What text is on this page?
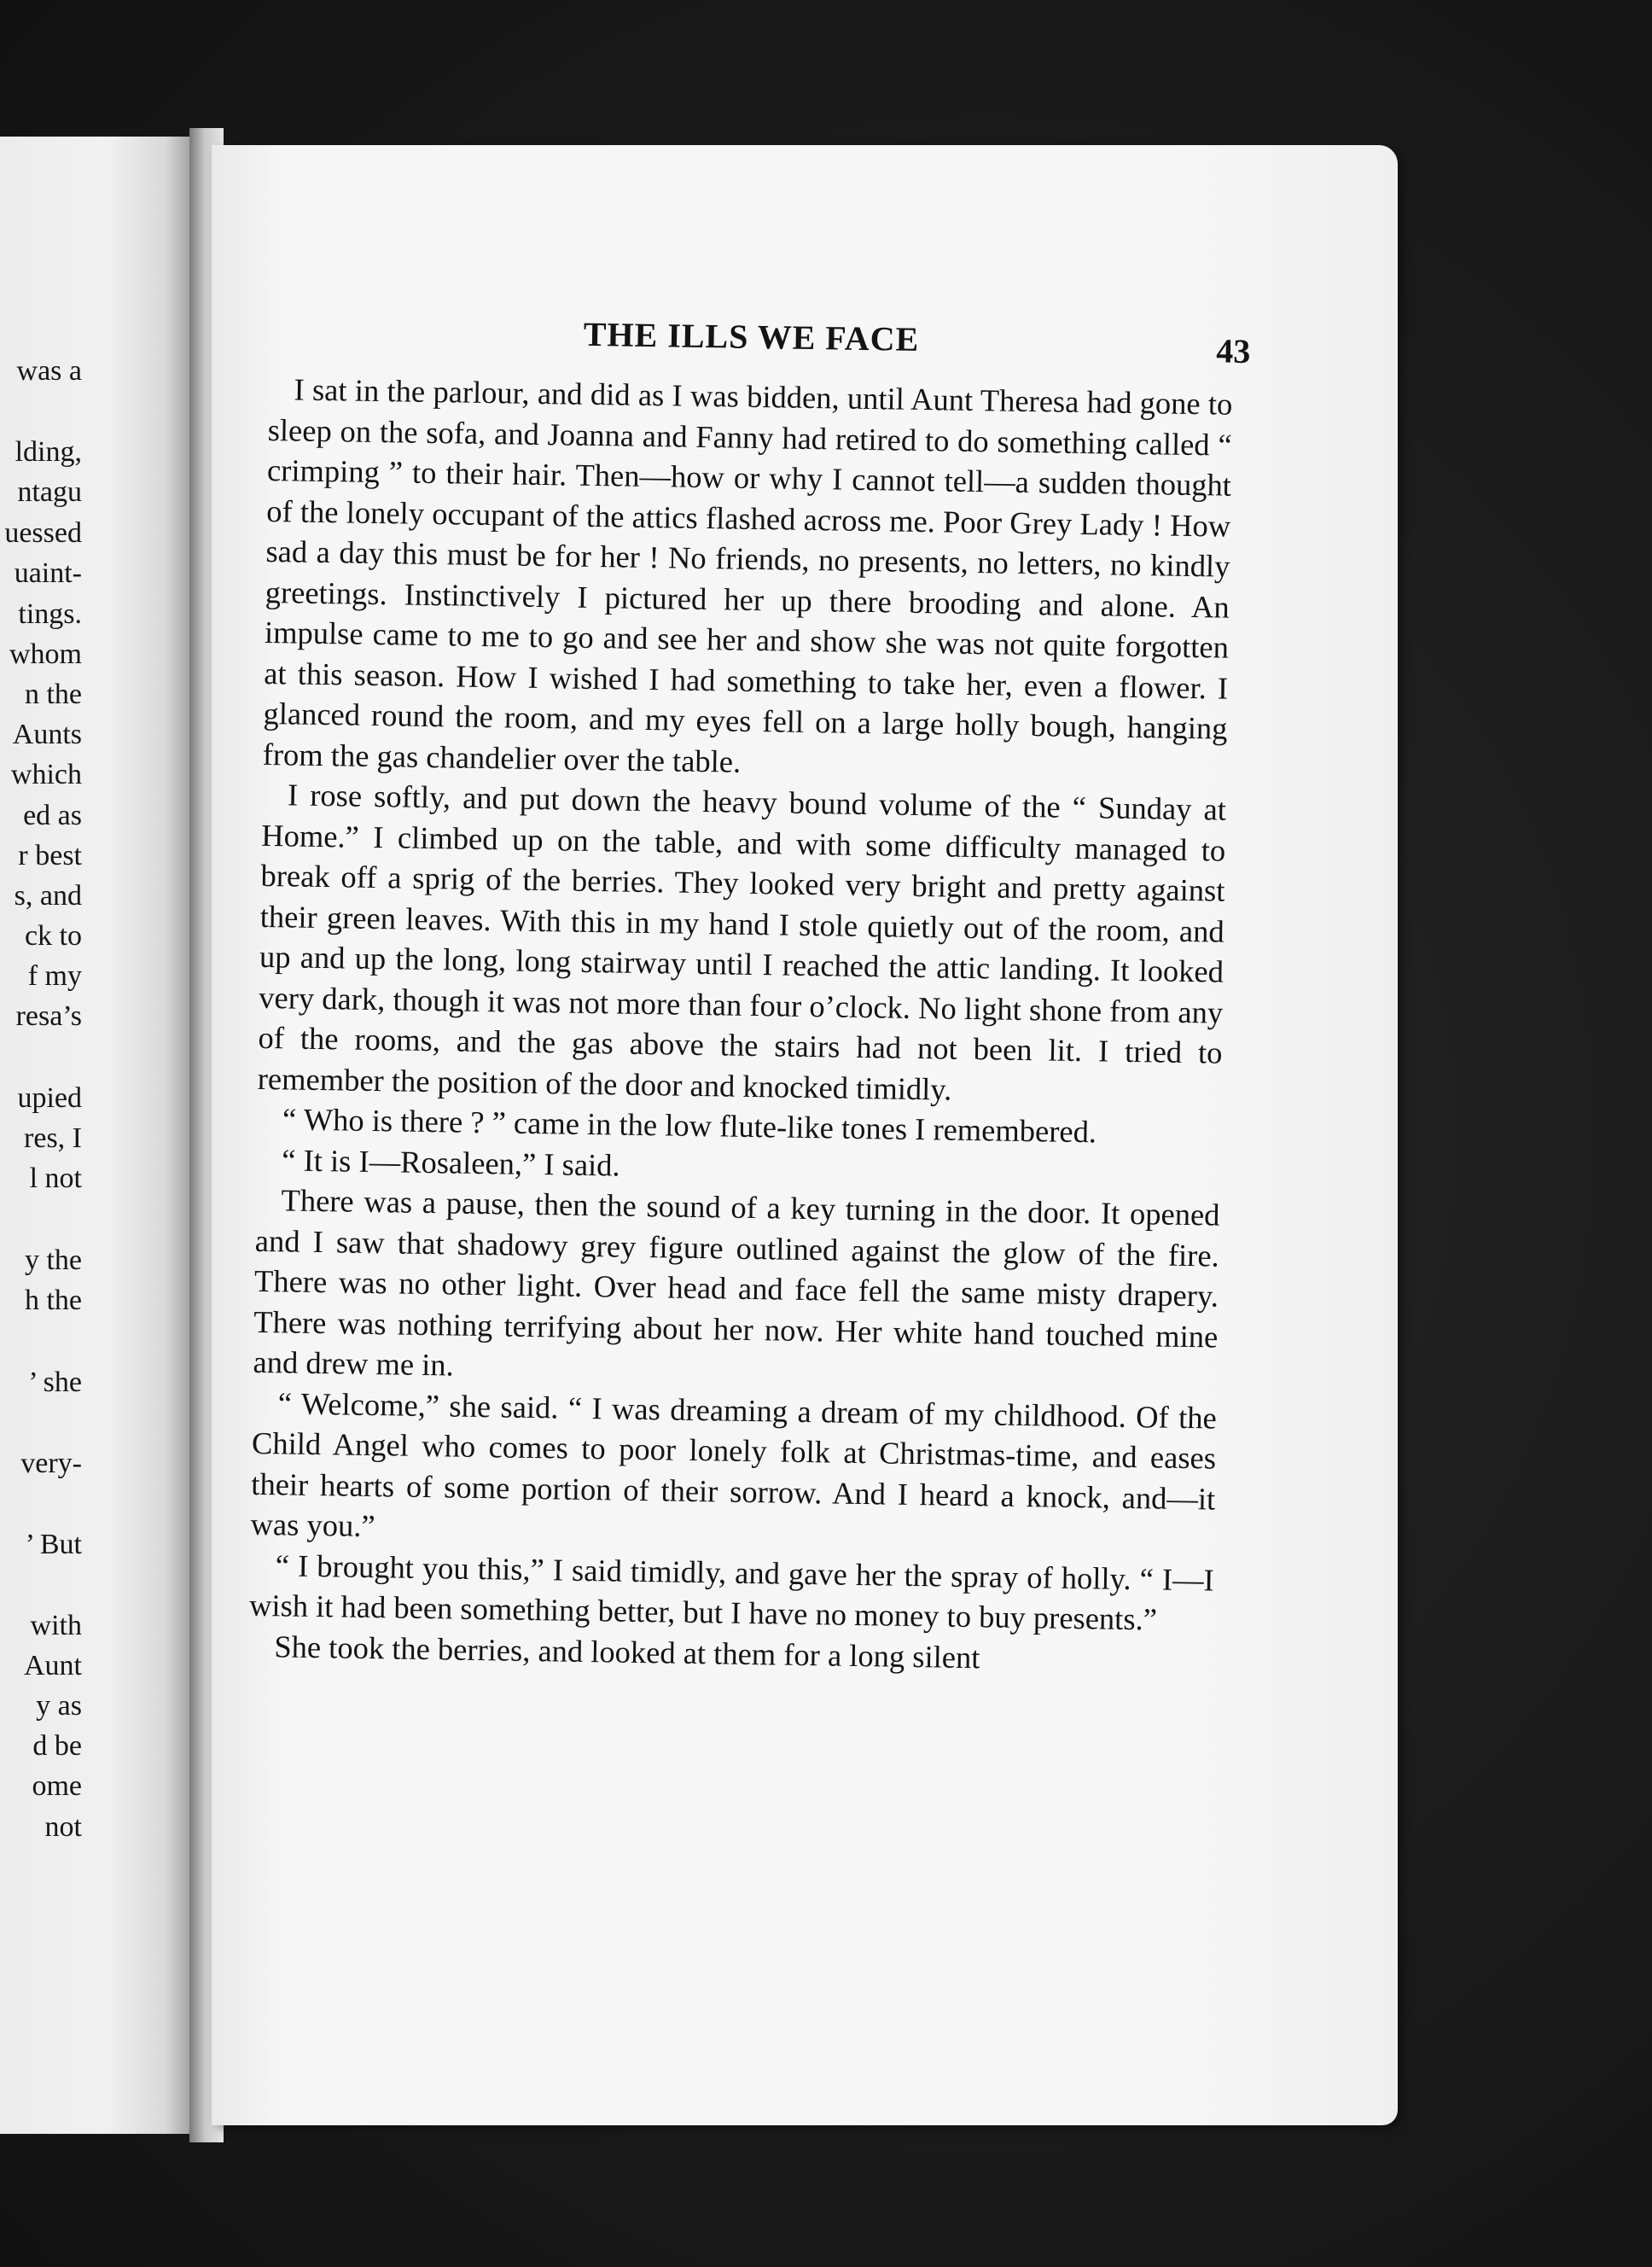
was a
lding,
ntagu
uessed
uaint-
tings.
whom
n the
Aunts
which
ed as
r best
s, and
ck to
f my
resa’s
upied
res, I
l not
y the
h the
’ she
very-
’ But
with
Aunt
y as
d be
ome
not
THE ILLS WE FACE	43

I sat in the parlour, and did as I was bidden, until Aunt Theresa had gone to sleep on the sofa, and Joanna and Fanny had retired to do something called “ crimping ” to their hair. Then—how or why I cannot tell—a sudden thought of the lonely occupant of the attics flashed across me. Poor Grey Lady ! How sad a day this must be for her ! No friends, no presents, no letters, no kindly greetings. Instinctively I pictured her up there brooding and alone. An impulse came to me to go and see her and show she was not quite forgotten at this season. How I wished I had something to take her, even a flower. I glanced round the room, and my eyes fell on a large holly bough, hanging from the gas chandelier over the table.

I rose softly, and put down the heavy bound volume of the “ Sunday at Home.” I climbed up on the table, and with some difficulty managed to break off a sprig of the berries. They looked very bright and pretty against their green leaves. With this in my hand I stole quietly out of the room, and up and up the long, long stairway until I reached the attic landing. It looked very dark, though it was not more than four o’clock. No light shone from any of the rooms, and the gas above the stairs had not been lit. I tried to remember the position of the door and knocked timidly.

“ Who is there ? ” came in the low flute-like tones I remembered.

“ It is I—Rosaleen,” I said.

There was a pause, then the sound of a key turning in the door. It opened and I saw that shadowy grey figure outlined against the glow of the fire. There was no other light. Over head and face fell the same misty drapery. There was nothing terrifying about her now. Her white hand touched mine and drew me in.

“ Welcome,” she said. “ I was dreaming a dream of my childhood. Of the Child Angel who comes to poor lonely folk at Christmas-time, and eases their hearts of some portion of their sorrow. And I heard a knock, and—it was you.”

“ I brought you this,” I said timidly, and gave her the spray of holly. “ I—I wish it had been something better, but I have no money to buy presents.”

She took the berries, and looked at them for a long silent
